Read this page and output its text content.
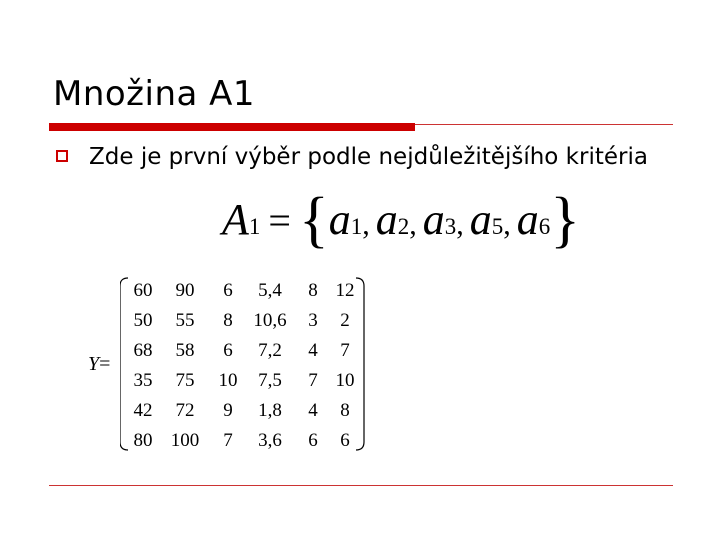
Množina A1
Zde je první výběr podle nejdůležitějšího kritéria
A 1 = { a1, a2, a3, a5, a6 }
Y=
60 90 6 5,4 8 12
50 55 8 10,6 3 2
68 58 6 7,2 4 7
35 75 10 7,5 7 10
42 72 9 1,8 4 8
80 100 7 3,6 6 6
